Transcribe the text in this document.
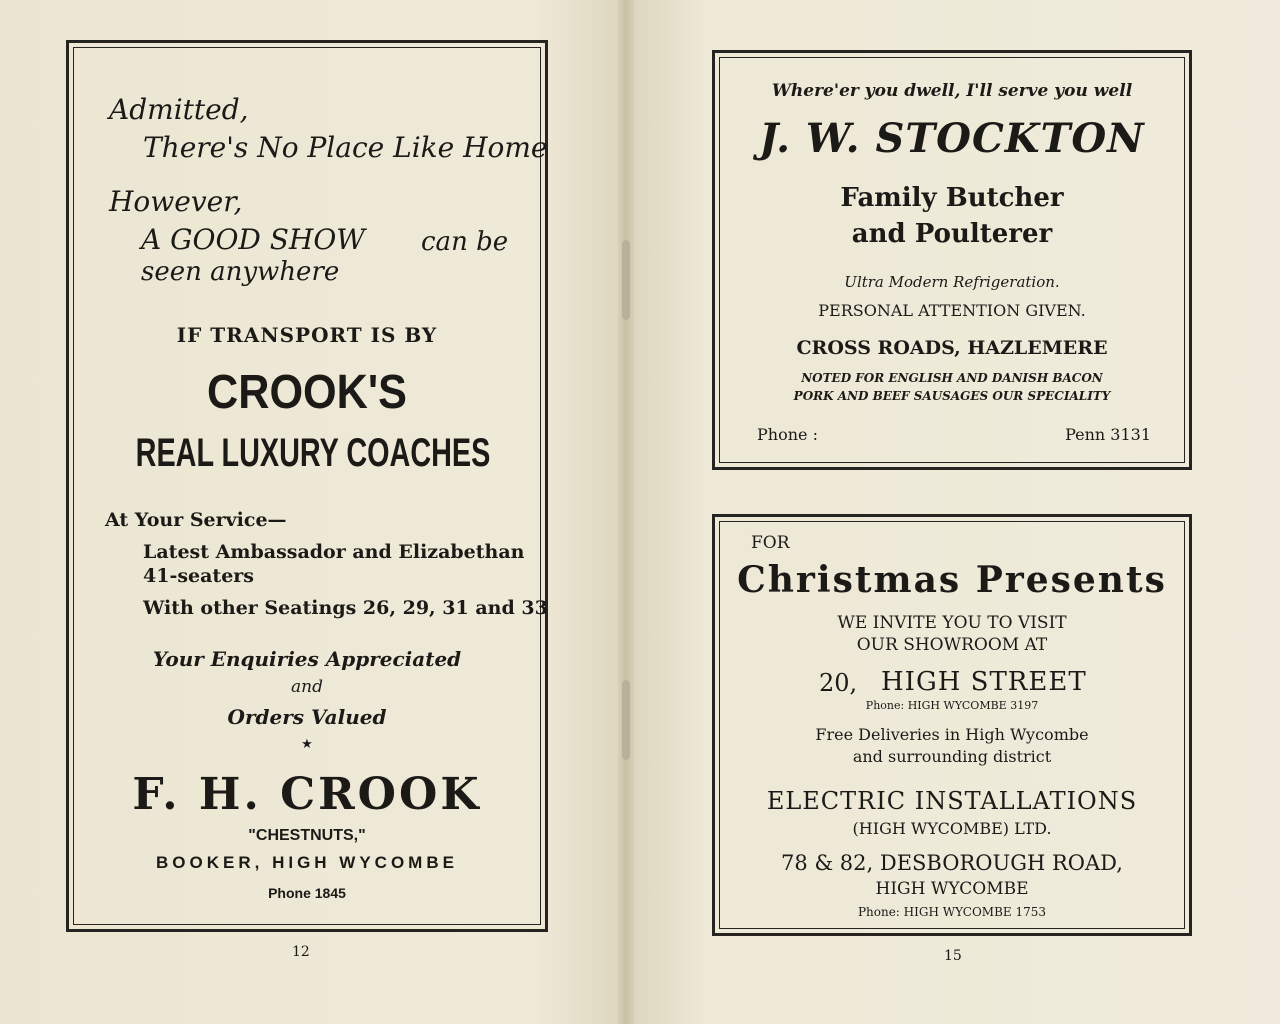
Admitted,
There's No Place Like Home
However,
A GOOD SHOW can be
seen anywhere
IF TRANSPORT IS BY
CROOK'S
REAL LUXURY COACHES
At Your Service—
Latest Ambassador and Elizabethan
41-seaters
With other Seatings 26, 29, 31 and 33
Your Enquiries Appreciated
and
Orders Valued
★
F. H. CROOK
"CHESTNUTS,"
BOOKER, HIGH WYCOMBE
Phone 1845
12
Where'er you dwell, I'll serve you well
J. W. STOCKTON
Family Butcher
and Poulterer
Ultra Modern Refrigeration.
PERSONAL ATTENTION GIVEN.
CROSS ROADS, HAZLEMERE
NOTED FOR ENGLISH AND DANISH BACON
PORK AND BEEF SAUSAGES OUR SPECIALITY
Phone :	Penn 3131
FOR
Christmas Presents
WE INVITE YOU TO VISIT
OUR SHOWROOM AT
20, HIGH STREET
Phone: HIGH WYCOMBE 3197
Free Deliveries in High Wycombe
and surrounding district
ELECTRIC INSTALLATIONS
(HIGH WYCOMBE) LTD.
78 & 82, DESBOROUGH ROAD,
HIGH WYCOMBE
Phone: HIGH WYCOMBE 1753
15
